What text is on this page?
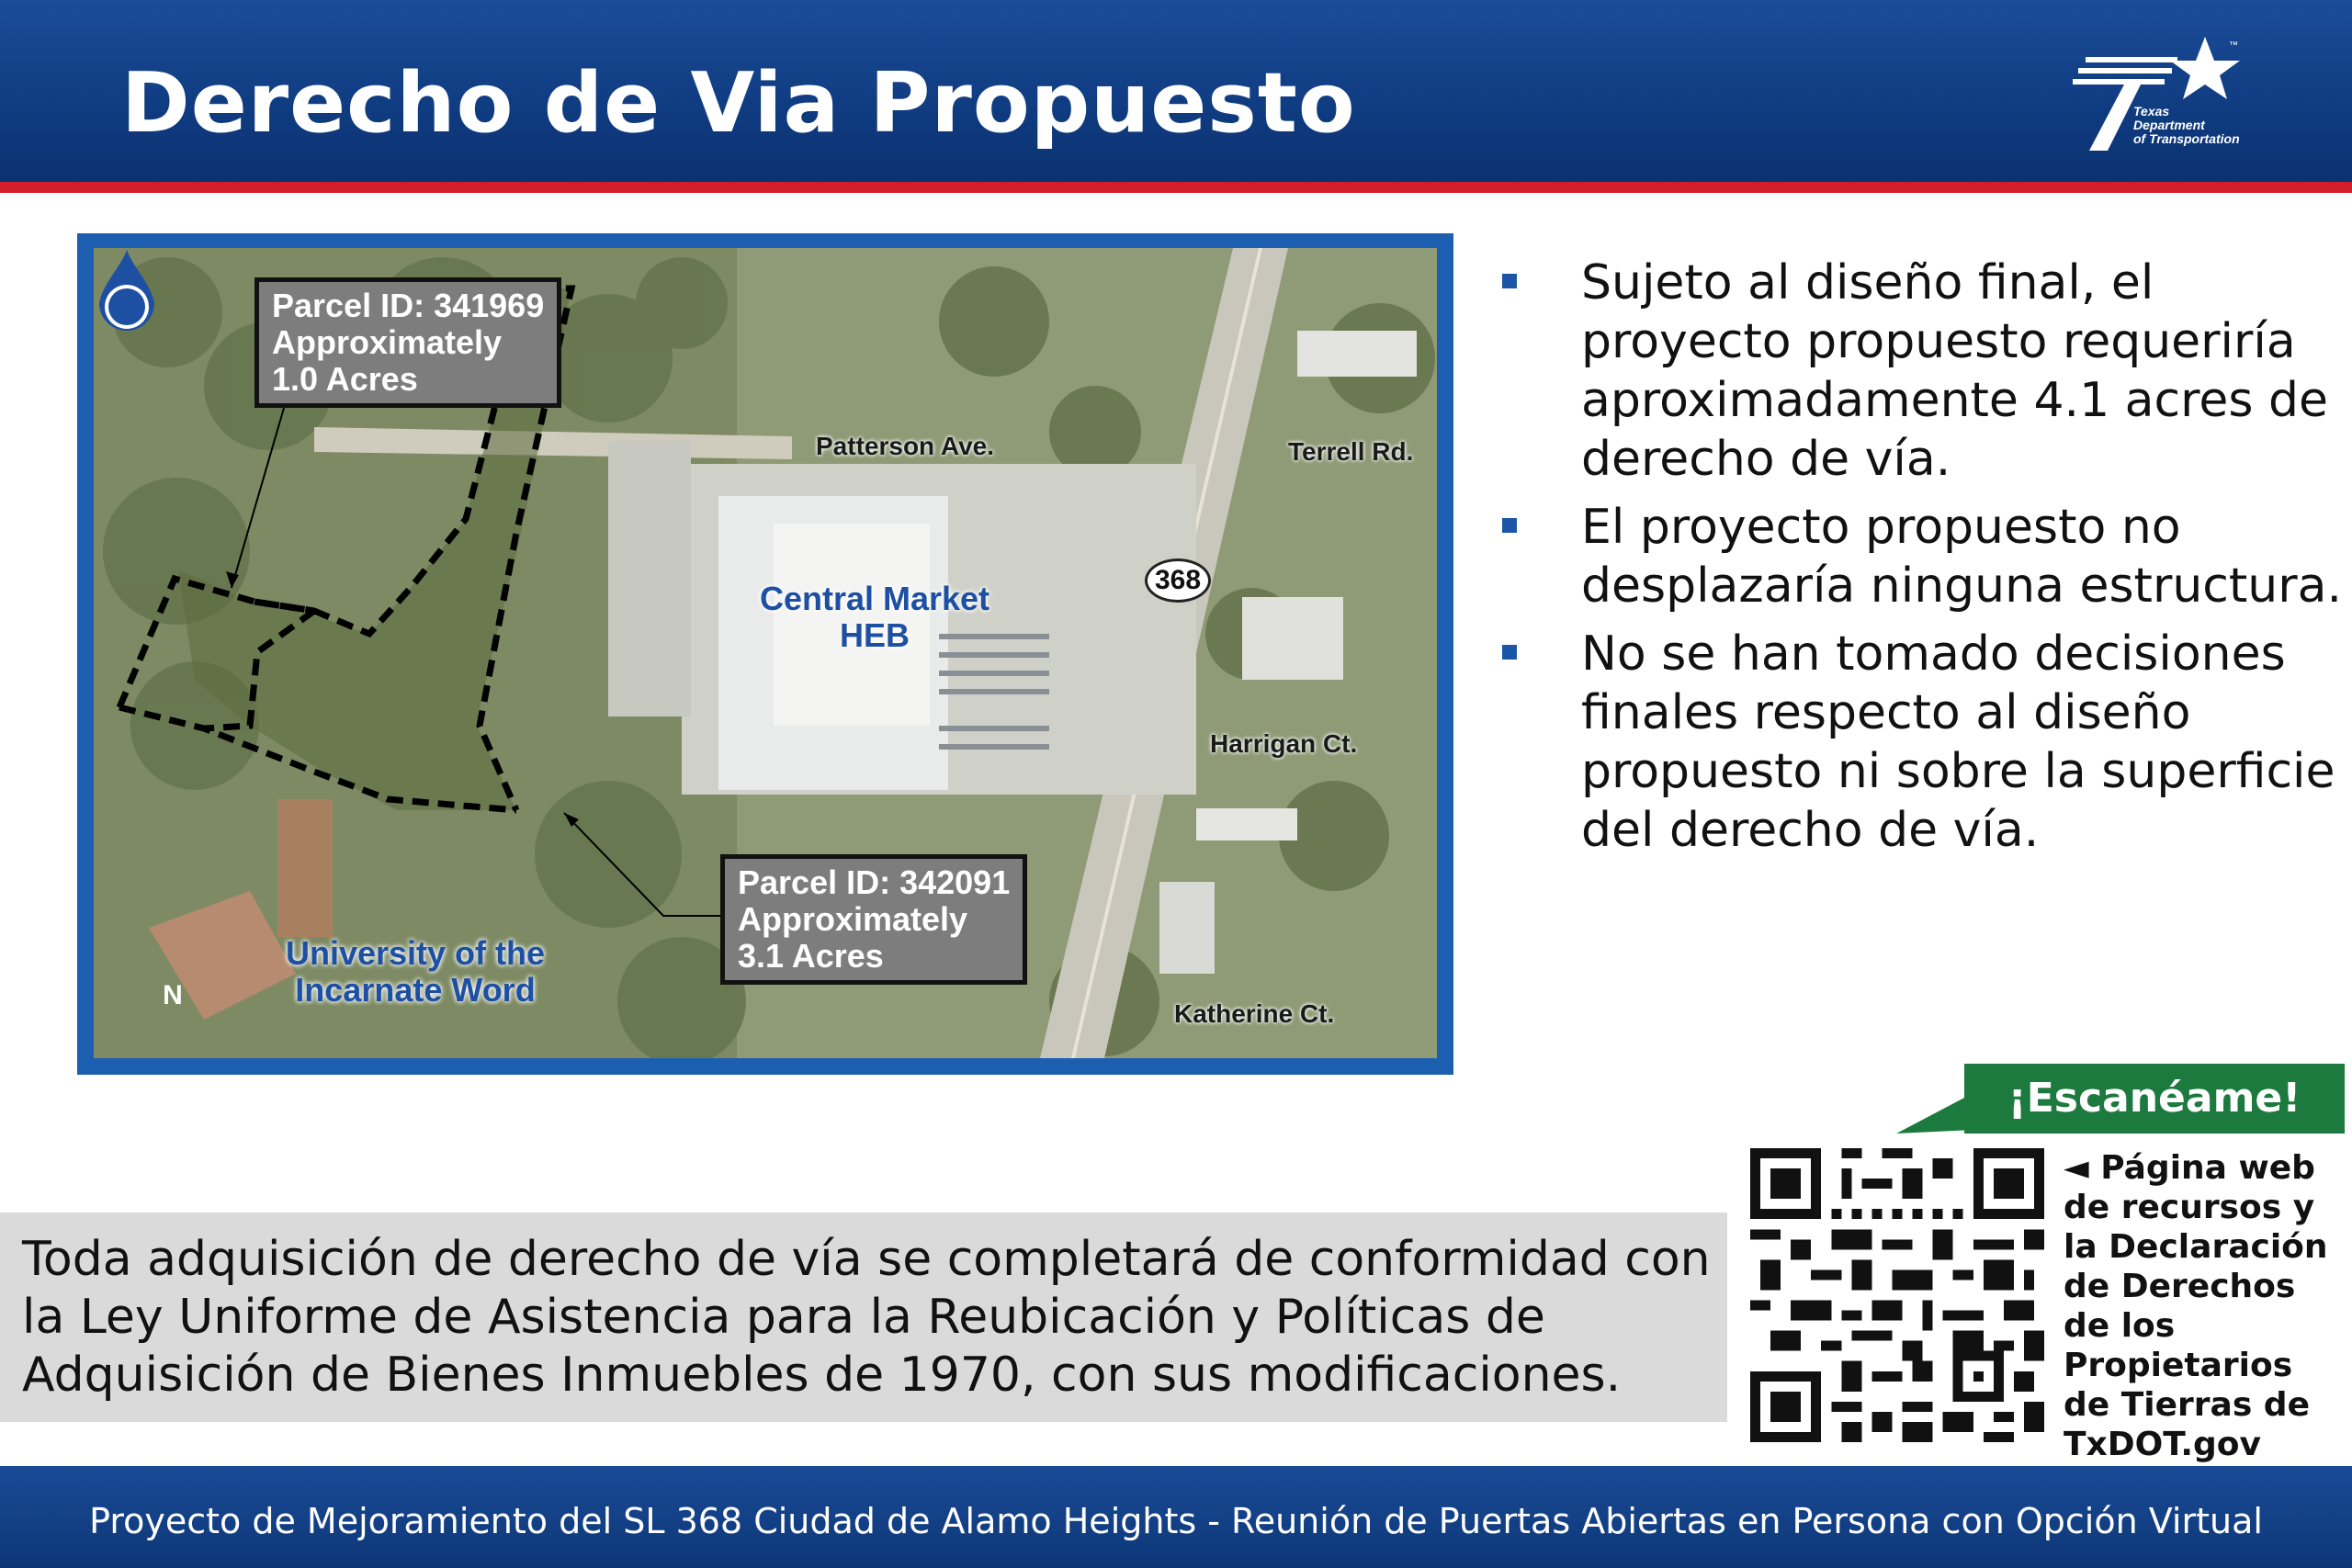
Derecho de Via Propuesto
™
Texas
Department
of Transportation
Parcel ID: 341969
Approximately
1.0 Acres
Parcel ID: 342091
Approximately
3.1 Acres
Patterson Ave.	Terrell Rd.
Harrigan Ct.
Katherine Ct.
368
Central Market
HEB
University of the
Incarnate Word
N
Sujeto al diseño final, el proyecto propuesto requeriría aproximadamente 4.1 acres de derecho de vía.
El proyecto propuesto no desplazaría ninguna estructura.
No se han tomado decisiones finales respecto al diseño propuesto ni sobre la superficie del derecho de vía.
¡Escanéame!
◄ Página web
de recursos y
la Declaración
de Derechos
de los
Propietarios
de Tierras de
TxDOT.gov
Toda adquisición de derecho de vía se completará de conformidad con la Ley Uniforme de Asistencia para la Reubicación y Políticas de Adquisición de Bienes Inmuebles de 1970, con sus modificaciones.
Proyecto de Mejoramiento del SL 368 Ciudad de Alamo Heights - Reunión de Puertas Abiertas en Persona con Opción Virtual
